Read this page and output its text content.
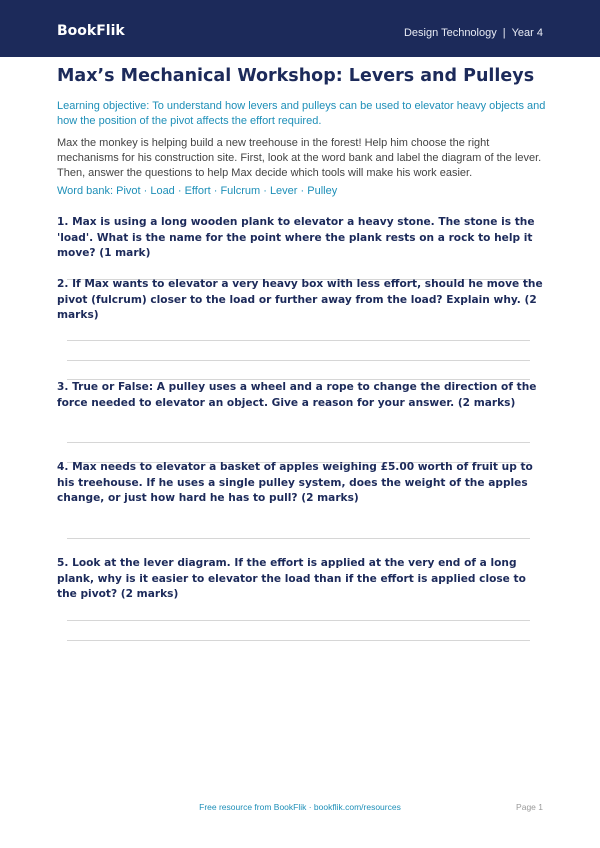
BookFlik	Design Technology | Year 4
Max’s Mechanical Workshop: Levers and Pulleys
Learning objective: To understand how levers and pulleys can be used to elevator heavy objects and how the position of the pivot affects the effort required.
Max the monkey is helping build a new treehouse in the forest! Help him choose the right mechanisms for his construction site. First, look at the word bank and label the diagram of the lever. Then, answer the questions to help Max decide which tools will make his work easier.
Word bank: Pivot · Load · Effort · Fulcrum · Lever · Pulley
1. Max is using a long wooden plank to elevator a heavy stone. The stone is the 'load'. What is the name for the point where the plank rests on a rock to help it move? (1 mark)
2. If Max wants to elevator a very heavy box with less effort, should he move the pivot (fulcrum) closer to the load or further away from the load? Explain why. (2 marks)
3. True or False: A pulley uses a wheel and a rope to change the direction of the force needed to elevator an object. Give a reason for your answer. (2 marks)
4. Max needs to elevator a basket of apples weighing £5.00 worth of fruit up to his treehouse. If he uses a single pulley system, does the weight of the apples change, or just how hard he has to pull? (2 marks)
5. Look at the lever diagram. If the effort is applied at the very end of a long plank, why is it easier to elevator the load than if the effort is applied close to the pivot? (2 marks)
Free resource from BookFlik · bookflik.com/resources	Page 1
